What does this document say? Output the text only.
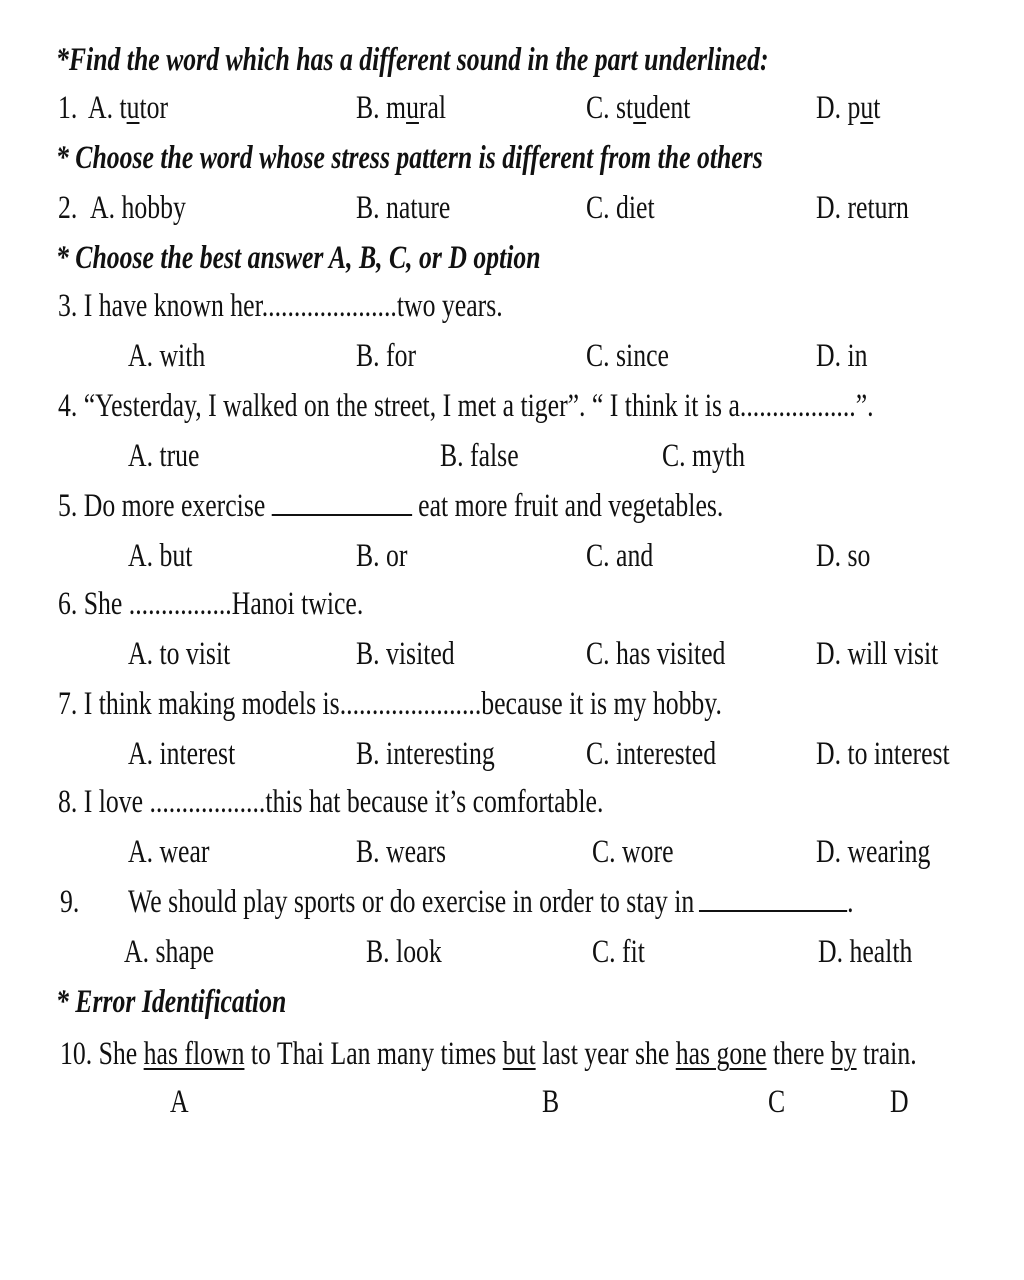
*Find the word which has a different sound in the part underlined:
1. A. tutor	B. mural	C. student	D. put
* Choose the word whose stress pattern is different from the others
2. A. hobby	B. nature	C. diet	D. return
* Choose the best answer A, B, C, or D option
3. I have known her.....................two years.
A. with	B. for	C. since	D. in
4. “Yesterday, I walked on the street, I met a tiger”. “ I think it is a..................”.
A. true	B. false	C. myth
5. Do more exercise	eat more fruit and vegetables.
A. but	B. or	C. and	D. so
6. She ................Hanoi twice.
A. to visit	B. visited	C. has visited	D. will visit
7. I think making models is......................because it is my hobby.
A. interest	B. interesting	C. interested	D. to interest
8. I love ..................this hat because it’s comfortable.
A. wear	B. wears	C. wore	D. wearing
9. We should play sports or do exercise in order to stay in	.
A. shape	B. look	C. fit	D. health
* Error Identification
10. She has flown to Thai Lan many times but last year she has gone there by train.
A	B	C	D
